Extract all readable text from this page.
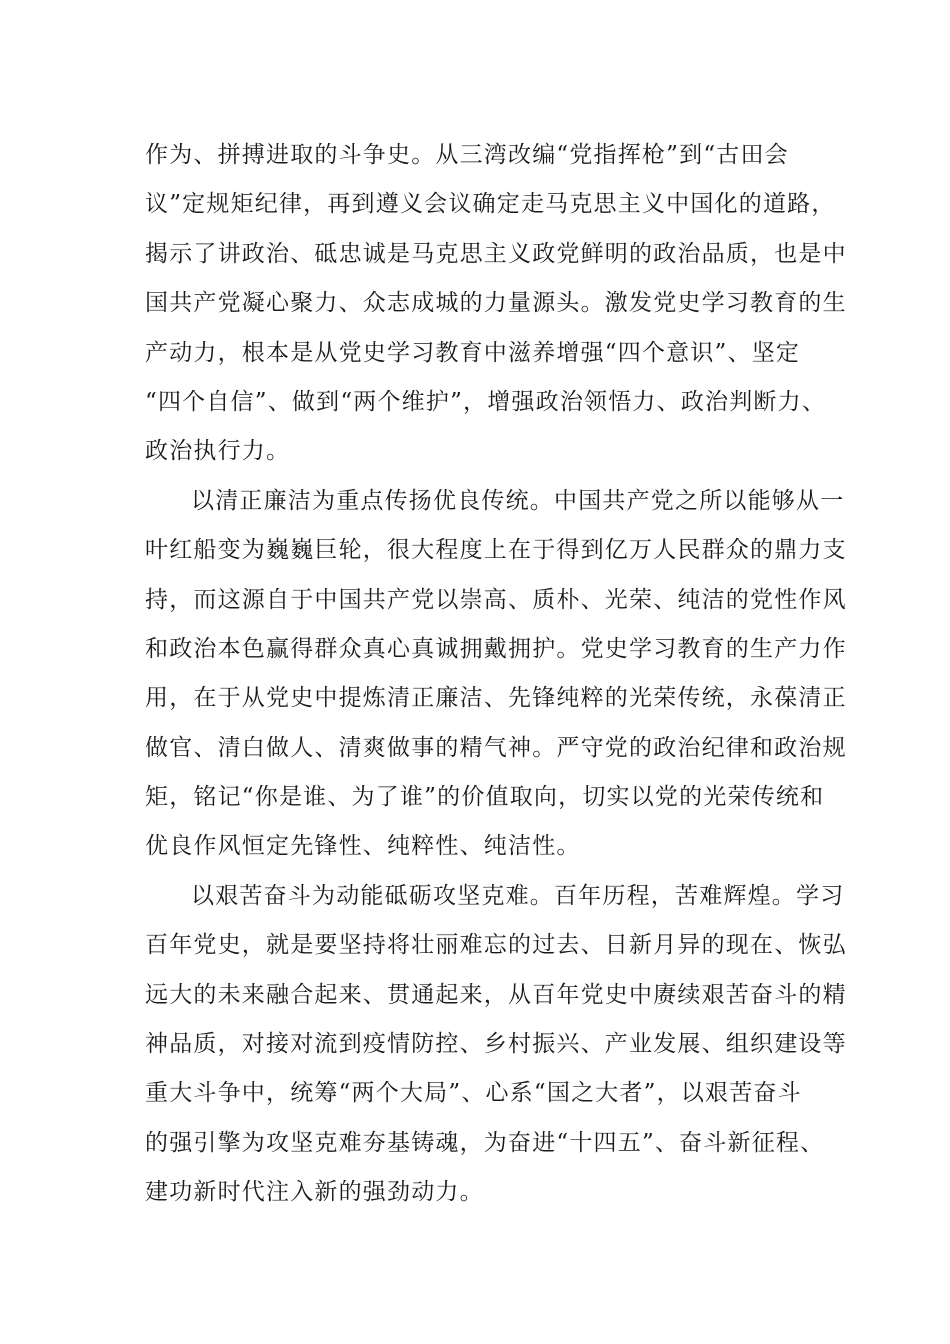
作为、拼搏进取的斗争史。从三湾改编“党指挥枪”到“古田会
议”定规矩纪律，再到遵义会议确定走马克思主义中国化的道路，
揭示了讲政治、砥忠诚是马克思主义政党鲜明的政治品质，也是中
国共产党凝心聚力、众志成城的力量源头。激发党史学习教育的生
产动力，根本是从党史学习教育中滋养增强“四个意识”、坚定
“四个自信”、做到“两个维护”，增强政治领悟力、政治判断力、
政治执行力。
以清正廉洁为重点传扬优良传统。中国共产党之所以能够从一
叶红船变为巍巍巨轮，很大程度上在于得到亿万人民群众的鼎力支
持，而这源自于中国共产党以崇高、质朴、光荣、纯洁的党性作风
和政治本色赢得群众真心真诚拥戴拥护。党史学习教育的生产力作
用，在于从党史中提炼清正廉洁、先锋纯粹的光荣传统，永葆清正
做官、清白做人、清爽做事的精气神。严守党的政治纪律和政治规
矩，铭记“你是谁、为了谁”的价值取向，切实以党的光荣传统和
优良作风恒定先锋性、纯粹性、纯洁性。
以艰苦奋斗为动能砥砺攻坚克难。百年历程，苦难辉煌。学习
百年党史，就是要坚持将壮丽难忘的过去、日新月异的现在、恢弘
远大的未来融合起来、贯通起来，从百年党史中赓续艰苦奋斗的精
神品质，对接对流到疫情防控、乡村振兴、产业发展、组织建设等
重大斗争中，统筹“两个大局”、心系“国之大者”，以艰苦奋斗
的强引擎为攻坚克难夯基铸魂，为奋进“十四五”、奋斗新征程、
建功新时代注入新的强劲动力。
